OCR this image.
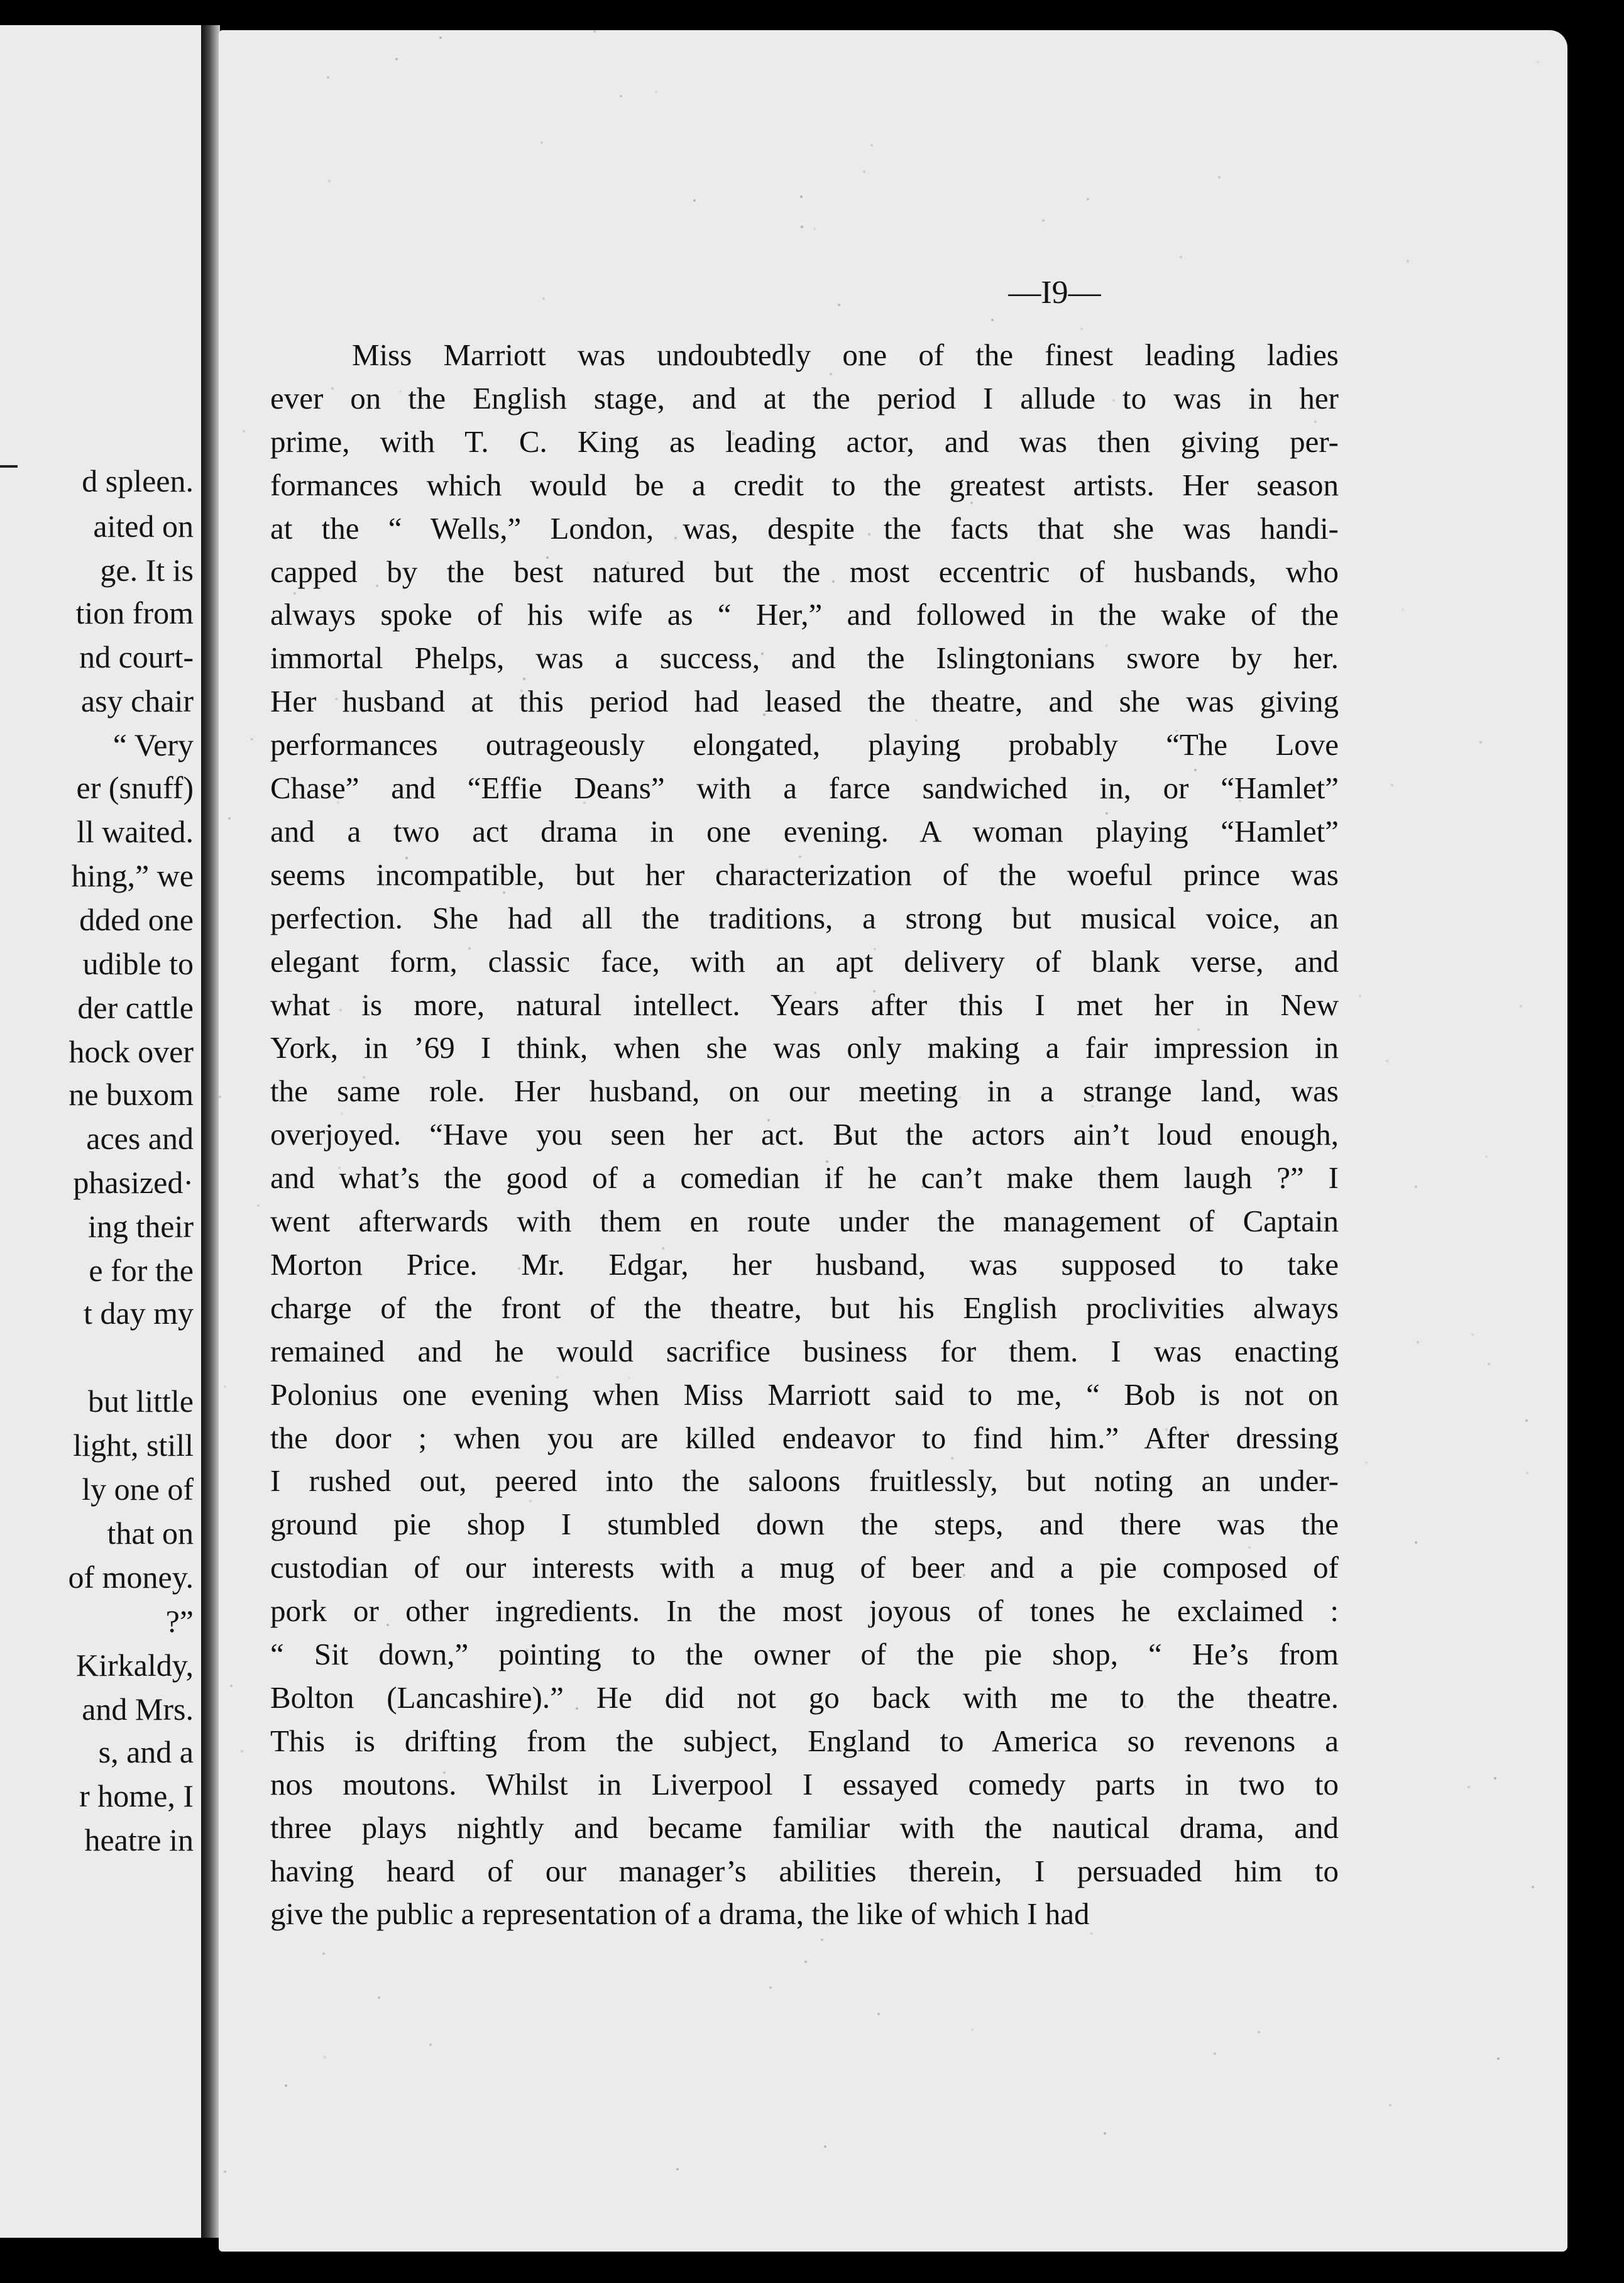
d spleen.
aited on
ge. It is
tion from
nd court-
asy chair
“ Very
er (snuff)
ll waited.
hing,” we
dded one
udible to
der cattle
hock over
ne buxom
aces and
phasized·
ing their
e for the
t day my
but little
light, still
ly one of
that on
of money.
?”
Kirkaldy,
and Mrs.
s, and a
r home, I
heatre in
—I9—
Miss Marriott was undoubtedly one of the finest leading ladies
ever on the English stage, and at the period I allude to was in her
prime, with T. C. King as leading actor, and was then giving per-
formances which would be a credit to the greatest artists. Her season
at the “ Wells,” London, was, despite the facts that she was handi-
capped by the best natured but the most eccentric of husbands, who
always spoke of his wife as “ Her,” and followed in the wake of the
immortal Phelps, was a success, and the Islingtonians swore by her.
Her husband at this period had leased the theatre, and she was giving
performances outrageously elongated, playing probably “The Love
Chase” and “Effie Deans” with a farce sandwiched in, or “Hamlet”
and a two act drama in one evening. A woman playing “Hamlet”
seems incompatible, but her characterization of the woeful prince was
perfection. She had all the traditions, a strong but musical voice, an
elegant form, classic face, with an apt delivery of blank verse, and
what is more, natural intellect. Years after this I met her in New
York, in ’69 I think, when she was only making a fair impression in
the same role. Her husband, on our meeting in a strange land, was
overjoyed. “Have you seen her act. But the actors ain’t loud enough,
and what’s the good of a comedian if he can’t make them laugh ?” I
went afterwards with them en route under the management of Captain
Morton Price. Mr. Edgar, her husband, was supposed to take
charge of the front of the theatre, but his English proclivities always
remained and he would sacrifice business for them. I was enacting
Polonius one evening when Miss Marriott said to me, “ Bob is not on
the door ; when you are killed endeavor to find him.” After dressing
I rushed out, peered into the saloons fruitlessly, but noting an under-
ground pie shop I stumbled down the steps, and there was the
custodian of our interests with a mug of beer and a pie composed of
pork or other ingredients. In the most joyous of tones he exclaimed :
“ Sit down,” pointing to the owner of the pie shop, “ He’s from
Bolton (Lancashire).” He did not go back with me to the theatre.
This is drifting from the subject, England to America so revenons a
nos moutons. Whilst in Liverpool I essayed comedy parts in two to
three plays nightly and became familiar with the nautical drama, and
having heard of our manager’s abilities therein, I persuaded him to
give the public a representation of a drama, the like of which I had
